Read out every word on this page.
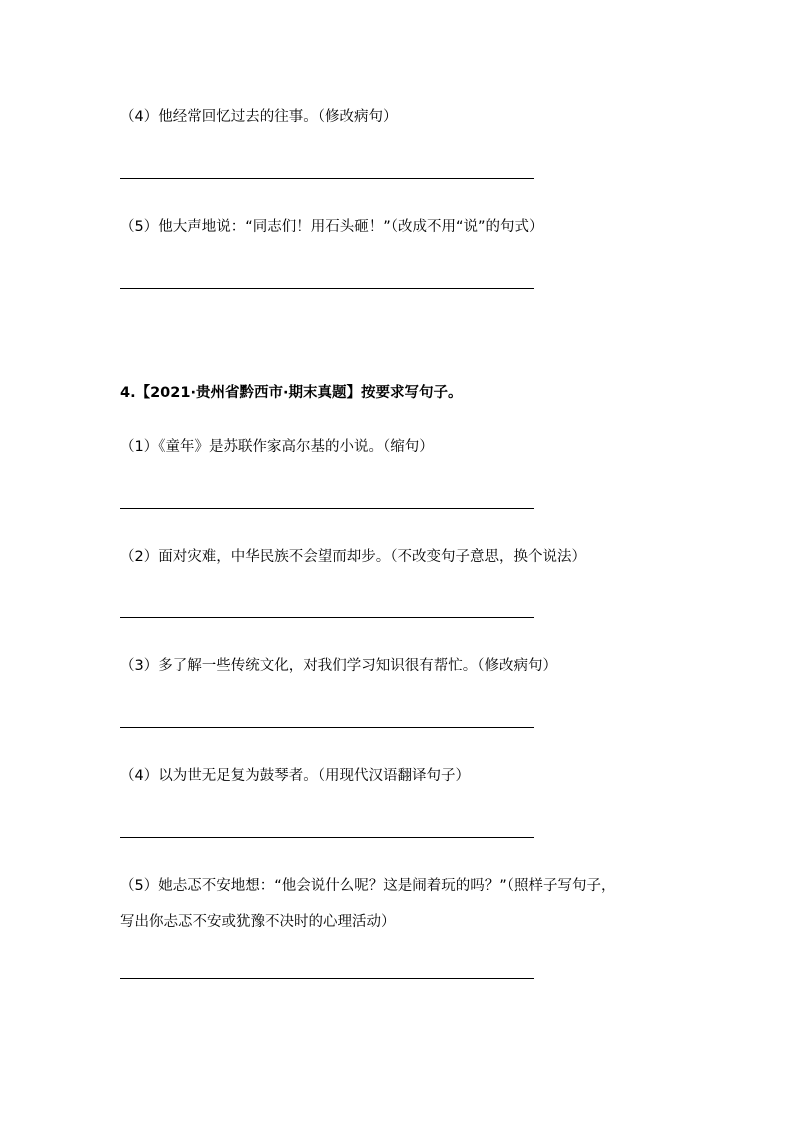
（4）他经常回忆过去的往事。（修改病句）
（5）他大声地说：“同志们！用石头砸！”（改成不用“说”的句式）
4.【2021·贵州省黔西市·期末真题】按要求写句子。
（1）《童年》是苏联作家高尔基的小说。（缩句）
（2）面对灾难，中华民族不会望而却步。（不改变句子意思，换个说法）
（3）多了解一些传统文化，对我们学习知识很有帮忙。（修改病句）
（4）以为世无足复为鼓琴者。（用现代汉语翻译句子）
（5）她忐忑不安地想：“他会说什么呢？这是闹着玩的吗？”（照样子写句子，
写出你忐忑不安或犹豫不决时的心理活动）
